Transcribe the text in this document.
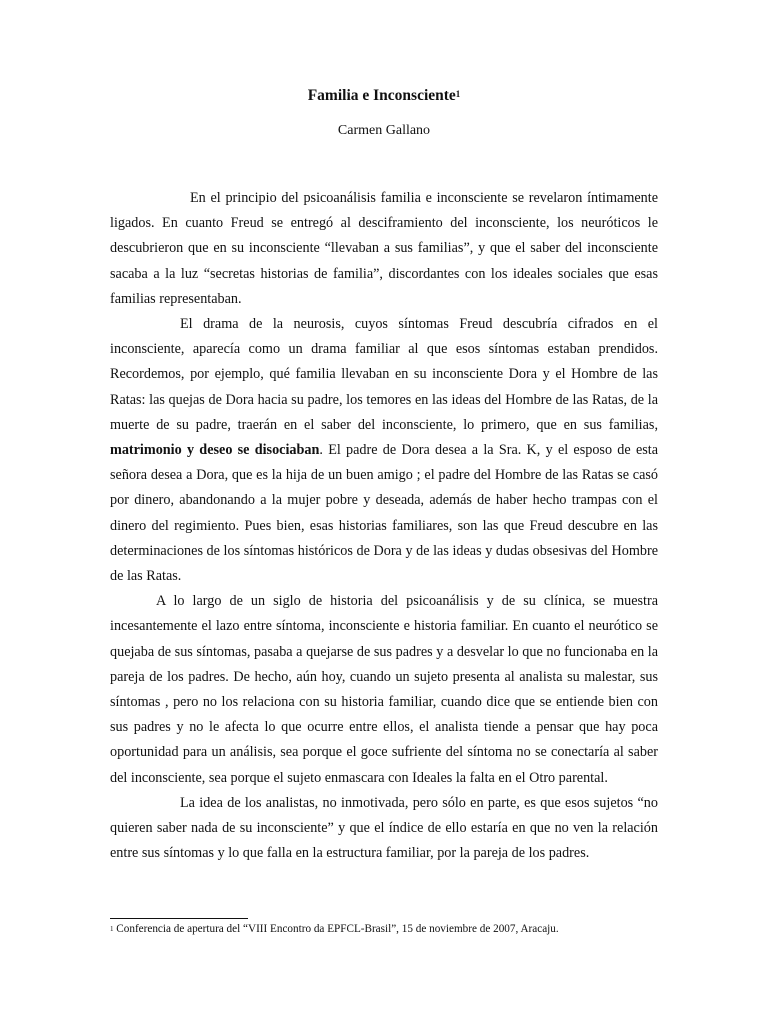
Familia e Inconsciente$^1$
Carmen Gallano

En el principio del psicoanálisis familia e inconsciente se revelaron íntimamente ligados. En cuanto Freud se entregó al desciframiento del inconsciente, los neuróticos le descubrieron que en su inconsciente “llevaban a sus familias”, y que el saber del inconsciente sacaba a la luz “secretas historias de familia”, discordantes con los ideales sociales que esas familias representaban.

El drama de la neurosis, cuyos síntomas Freud descubría cifrados en el inconsciente, aparecía como un drama familiar al que esos síntomas estaban prendidos. Recordemos, por ejemplo, qué familia llevaban en su inconsciente Dora y el Hombre de las Ratas: las quejas de Dora hacia su padre, los temores en las ideas del Hombre de las Ratas, de la muerte de su padre, traerán en el saber del inconsciente, lo primero, que en sus familias, matrimonio y deseo se disociaban. El padre de Dora desea a la Sra. K, y el esposo de esta señora desea a Dora, que es la hija de un buen amigo ; el padre del Hombre de las Ratas se casó por dinero, abandonando a la mujer pobre y deseada, además de haber hecho trampas con el dinero del regimiento. Pues bien, esas historias familiares, son las que Freud descubre en las determinaciones de los síntomas históricos de Dora y de las ideas y dudas obsesivas del Hombre de las Ratas.

A lo largo de un siglo de historia del psicoanálisis y de su clínica, se muestra incesantemente el lazo entre síntoma, inconsciente e historia familiar. En cuanto el neurótico se quejaba de sus síntomas, pasaba a quejarse de sus padres y a desvelar lo que no funcionaba en la pareja de los padres. De hecho, aún hoy, cuando un sujeto presenta al analista su malestar, sus síntomas , pero no los relaciona con su historia familiar, cuando dice que se entiende bien con sus padres y no le afecta lo que ocurre entre ellos, el analista tiende a pensar que hay poca oportunidad para un análisis, sea porque el goce sufriente del síntoma no se conectaría al saber del inconsciente, sea porque el sujeto enmascara con Ideales la falta en el Otro parental.

La idea de los analistas, no inmotivada, pero sólo en parte, es que esos sujetos “no quieren saber nada de su inconsciente” y que el índice de ello estaría en que no ven la relación entre sus síntomas y lo que falla en la estructura familiar, por la pareja de los padres.

$^1$ Conferencia de apertura del “VIII Encontro da EPFCL-Brasil”, 15 de noviembre de 2007, Aracaju.
